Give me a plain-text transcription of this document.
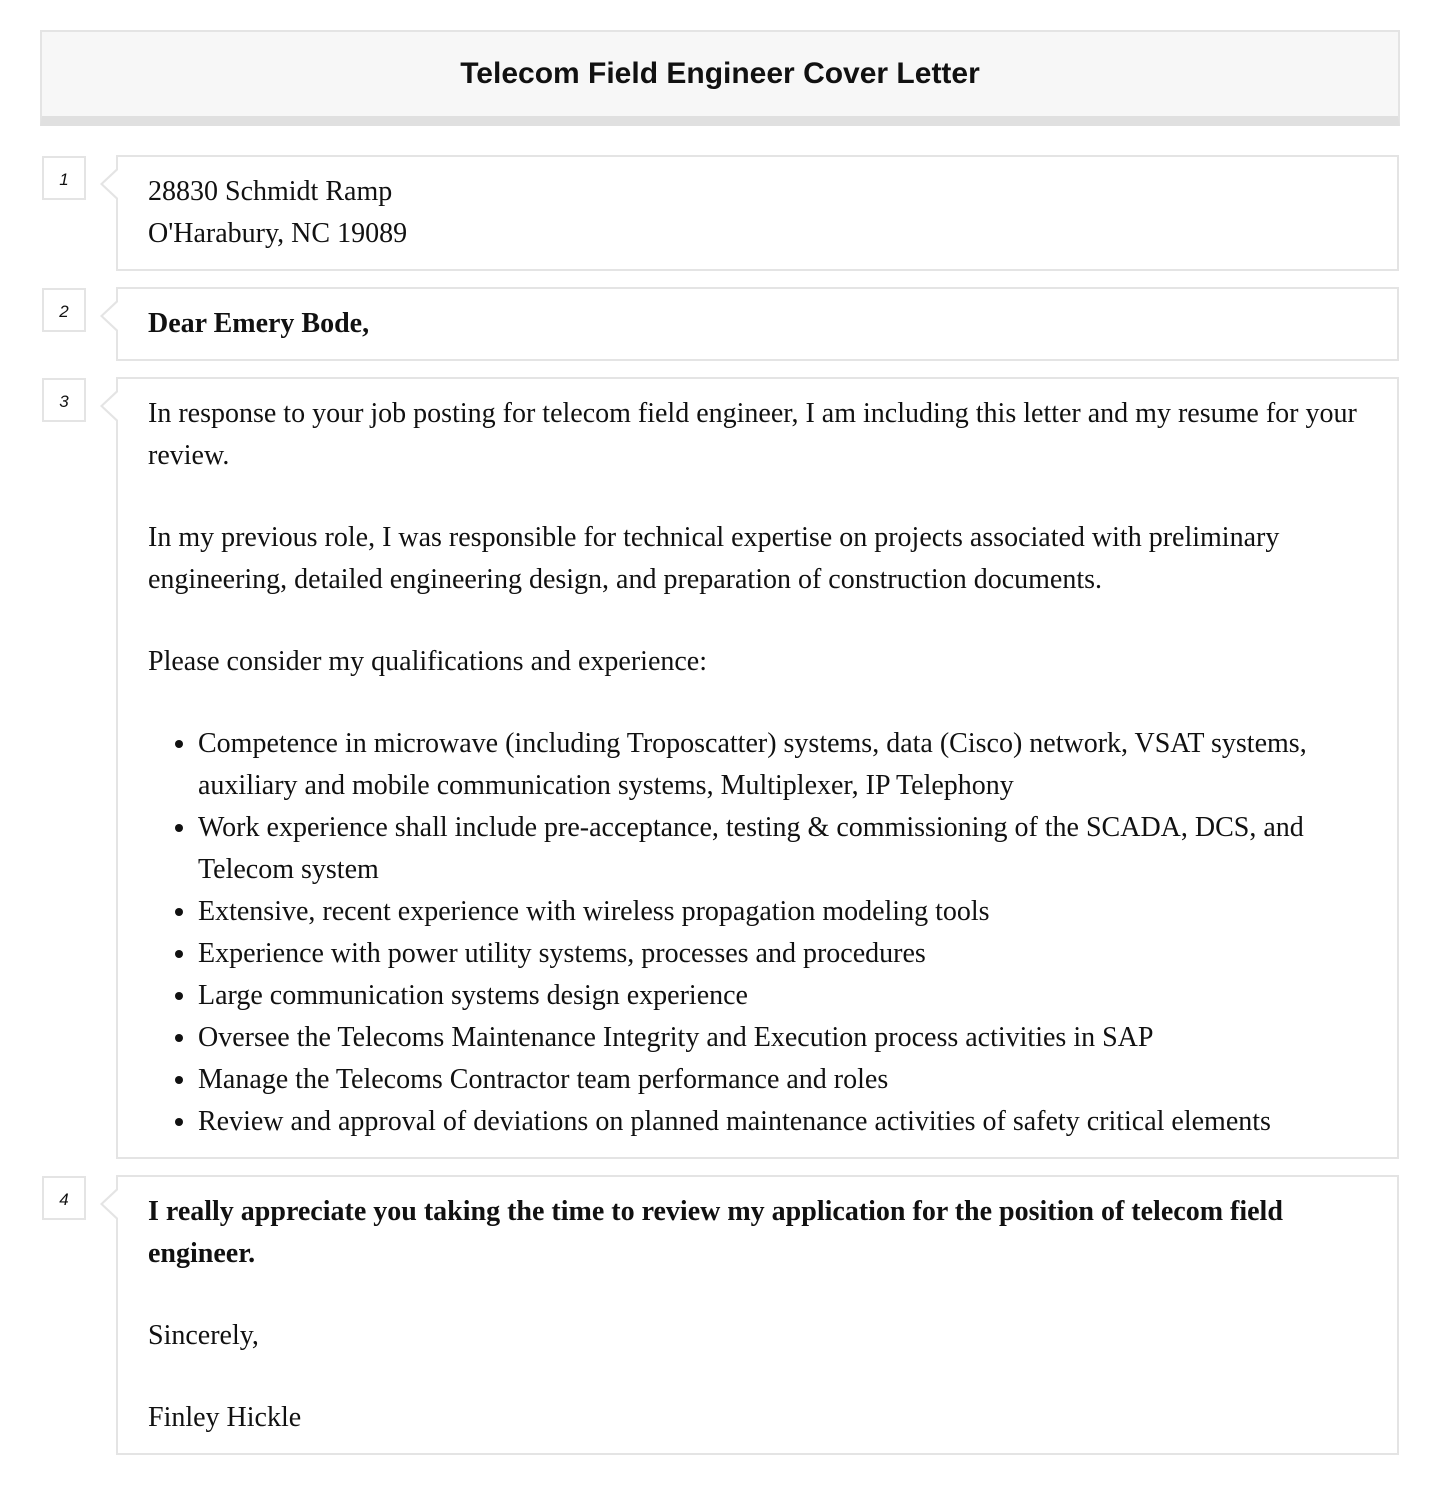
Telecom Field Engineer Cover Letter
1	28830 Schmidt Ramp

O'Harabury, NC 19089

2	Dear Emery Bode,

3	In response to your job posting for telecom field engineer, I am including this letter and my resume for your review.

In my previous role, I was responsible for technical expertise on projects associated with preliminary engineering, detailed engineering design, and preparation of construction documents.

Please consider my qualifications and experience:

• Competence in microwave (including Troposcatter) systems, data (Cisco) network, VSAT systems, auxiliary and mobile communication systems, Multiplexer, IP Telephony
• Work experience shall include pre-acceptance, testing & commissioning of the SCADA, DCS, and Telecom system
• Extensive, recent experience with wireless propagation modeling tools
• Experience with power utility systems, processes and procedures
• Large communication systems design experience
• Oversee the Telecoms Maintenance Integrity and Execution process activities in SAP
• Manage the Telecoms Contractor team performance and roles
• Review and approval of deviations on planned maintenance activities of safety critical elements
4	I really appreciate you taking the time to review my application for the position of telecom field engineer.

Sincerely,

Finley Hickle
